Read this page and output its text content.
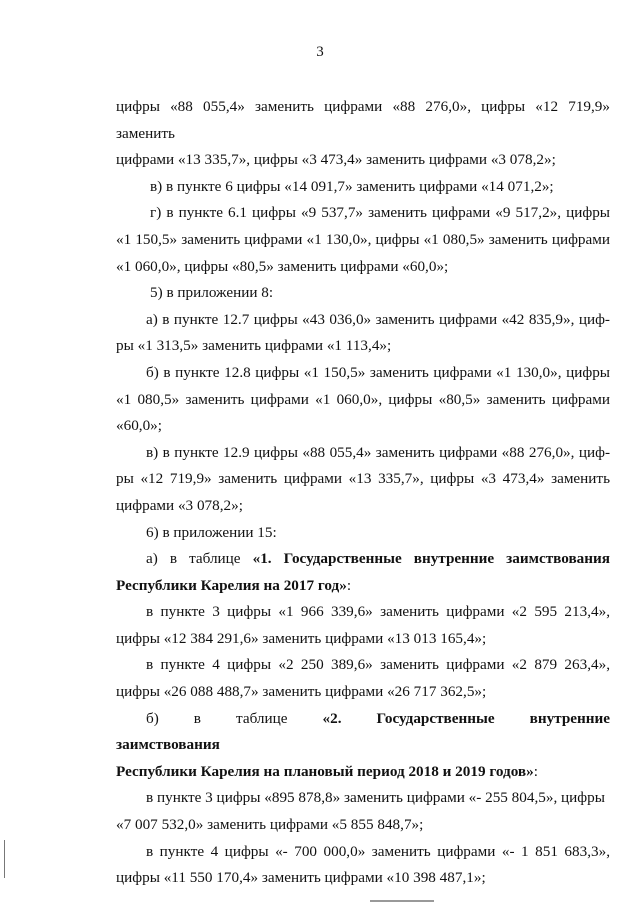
3

цифры «88 055,4» заменить цифрами «88 276,0», цифры «12 719,9» заменить

цифрами «13 335,7», цифры «3 473,4» заменить цифрами «3 078,2»;

в) в пункте 6 цифры «14 091,7» заменить цифрами «14 071,2»;

г) в пункте 6.1 цифры «9 537,7» заменить цифрами «9 517,2», цифры

«1 150,5» заменить цифрами «1 130,0», цифры «1 080,5» заменить цифрами

«1 060,0», цифры «80,5» заменить цифрами «60,0»;

5) в приложении 8:

а) в пункте 12.7 цифры «43 036,0» заменить цифрами «42 835,9», циф-

ры «1 313,5» заменить цифрами «1 113,4»;

б) в пункте 12.8 цифры «1 150,5» заменить цифрами «1 130,0», цифры

«1 080,5» заменить цифрами «1 060,0», цифры «80,5» заменить цифрами

«60,0»;

в) в пункте 12.9 цифры «88 055,4» заменить цифрами «88 276,0», циф-

ры «12 719,9» заменить цифрами «13 335,7», цифры «3 473,4» заменить

цифрами «3 078,2»;

6) в приложении 15:

а) в таблице «1. Государственные внутренние заимствования

Республики Карелия на 2017 год»:

в пункте 3 цифры «1 966 339,6» заменить цифрами «2 595 213,4»,

цифры «12 384 291,6» заменить цифрами «13 013 165,4»;

в пункте 4 цифры «2 250 389,6» заменить цифрами «2 879 263,4»,

цифры «26 088 488,7» заменить цифрами «26 717 362,5»;

б) в таблице «2. Государственные внутренние заимствования

Республики Карелия на плановый период 2018 и 2019 годов»:

в пункте 3 цифры «895 878,8» заменить цифрами «- 255 804,5», цифры

«7 007 532,0» заменить цифрами «5 855 848,7»;

в пункте 4 цифры «- 700 000,0» заменить цифрами «- 1 851 683,3»,

цифры «11 550 170,4» заменить цифрами «10 398 487,1»;
